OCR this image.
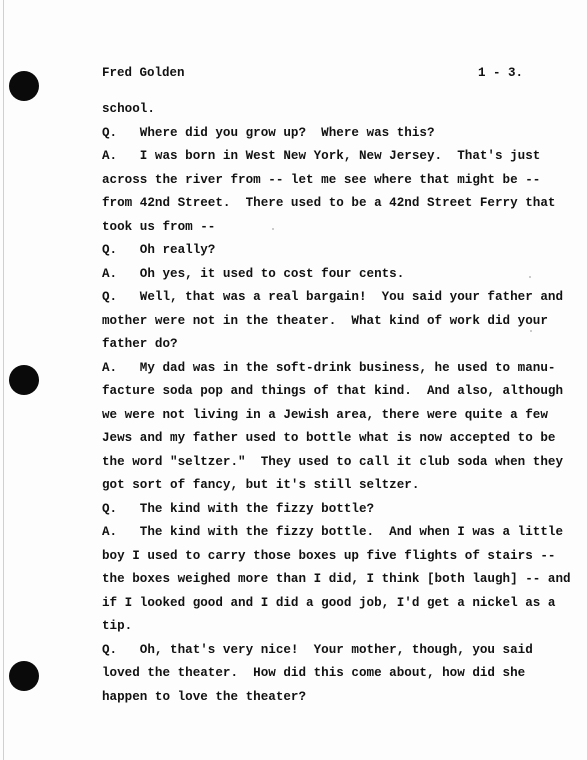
Fred Golden	1 - 3.
school.
Q.   Where did you grow up?  Where was this?
A.   I was born in West New York, New Jersey.  That's just
across the river from -- let me see where that might be --
from 42nd Street.  There used to be a 42nd Street Ferry that
took us from --
Q.   Oh really?
A.   Oh yes, it used to cost four cents.
Q.   Well, that was a real bargain!  You said your father and
mother were not in the theater.  What kind of work did your
father do?
A.   My dad was in the soft-drink business, he used to manu-
facture soda pop and things of that kind.  And also, although
we were not living in a Jewish area, there were quite a few
Jews and my father used to bottle what is now accepted to be
the word "seltzer."  They used to call it club soda when they
got sort of fancy, but it's still seltzer.
Q.   The kind with the fizzy bottle?
A.   The kind with the fizzy bottle.  And when I was a little
boy I used to carry those boxes up five flights of stairs --
the boxes weighed more than I did, I think [both laugh] -- and
if I looked good and I did a good job, I'd get a nickel as a
tip.
Q.   Oh, that's very nice!  Your mother, though, you said
loved the theater.  How did this come about, how did she
happen to love the theater?
